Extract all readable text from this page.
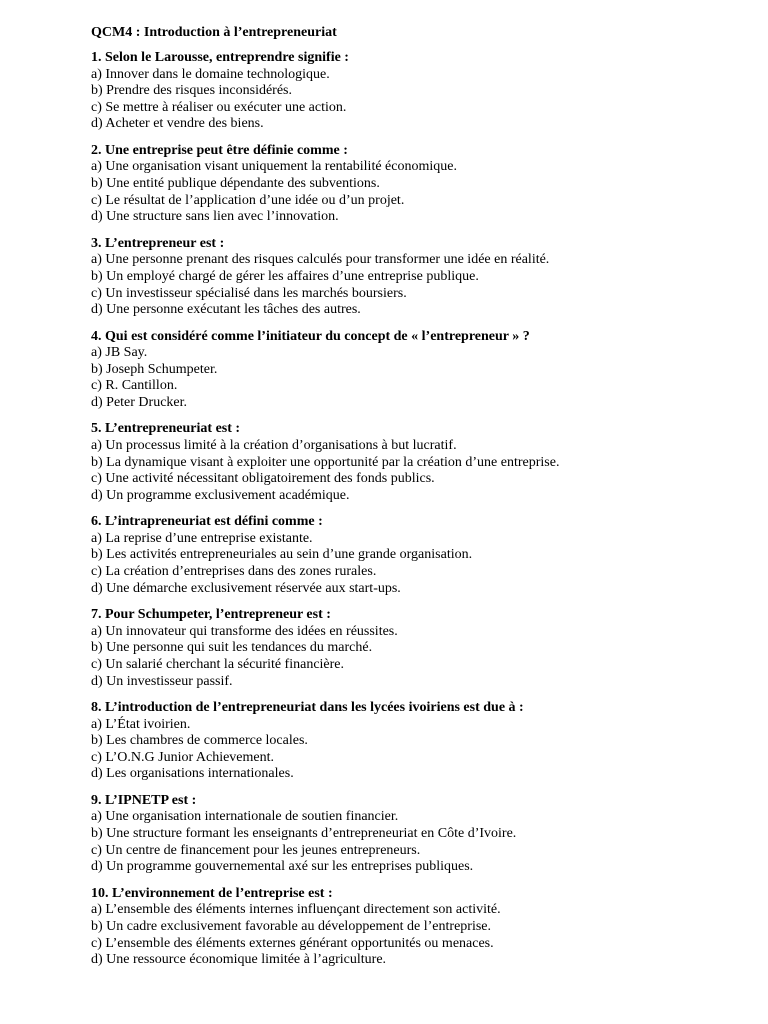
QCM4 : Introduction à l’entrepreneuriat
1. Selon le Larousse, entreprendre signifie :
a) Innover dans le domaine technologique.
b) Prendre des risques inconsidérés.
c) Se mettre à réaliser ou exécuter une action.
d) Acheter et vendre des biens.
2. Une entreprise peut être définie comme :
a) Une organisation visant uniquement la rentabilité économique.
b) Une entité publique dépendante des subventions.
c) Le résultat de l’application d’une idée ou d’un projet.
d) Une structure sans lien avec l’innovation.
3. L’entrepreneur est :
a) Une personne prenant des risques calculés pour transformer une idée en réalité.
b) Un employé chargé de gérer les affaires d’une entreprise publique.
c) Un investisseur spécialisé dans les marchés boursiers.
d) Une personne exécutant les tâches des autres.
4. Qui est considéré comme l’initiateur du concept de « l’entrepreneur » ?
a) JB Say.
b) Joseph Schumpeter.
c) R. Cantillon.
d) Peter Drucker.
5. L’entrepreneuriat est :
a) Un processus limité à la création d’organisations à but lucratif.
b) La dynamique visant à exploiter une opportunité par la création d’une entreprise.
c) Une activité nécessitant obligatoirement des fonds publics.
d) Un programme exclusivement académique.
6. L’intrapreneuriat est défini comme :
a) La reprise d’une entreprise existante.
b) Les activités entrepreneuriales au sein d’une grande organisation.
c) La création d’entreprises dans des zones rurales.
d) Une démarche exclusivement réservée aux start-ups.
7. Pour Schumpeter, l’entrepreneur est :
a) Un innovateur qui transforme des idées en réussites.
b) Une personne qui suit les tendances du marché.
c) Un salarié cherchant la sécurité financière.
d) Un investisseur passif.
8. L’introduction de l’entrepreneuriat dans les lycées ivoiriens est due à :
a) L’État ivoirien.
b) Les chambres de commerce locales.
c) L’O.N.G Junior Achievement.
d) Les organisations internationales.
9. L’IPNETP est :
a) Une organisation internationale de soutien financier.
b) Une structure formant les enseignants d’entrepreneuriat en Côte d’Ivoire.
c) Un centre de financement pour les jeunes entrepreneurs.
d) Un programme gouvernemental axé sur les entreprises publiques.
10. L’environnement de l’entreprise est :
a) L’ensemble des éléments internes influençant directement son activité.
b) Un cadre exclusivement favorable au développement de l’entreprise.
c) L’ensemble des éléments externes générant opportunités ou menaces.
d) Une ressource économique limitée à l’agriculture.
